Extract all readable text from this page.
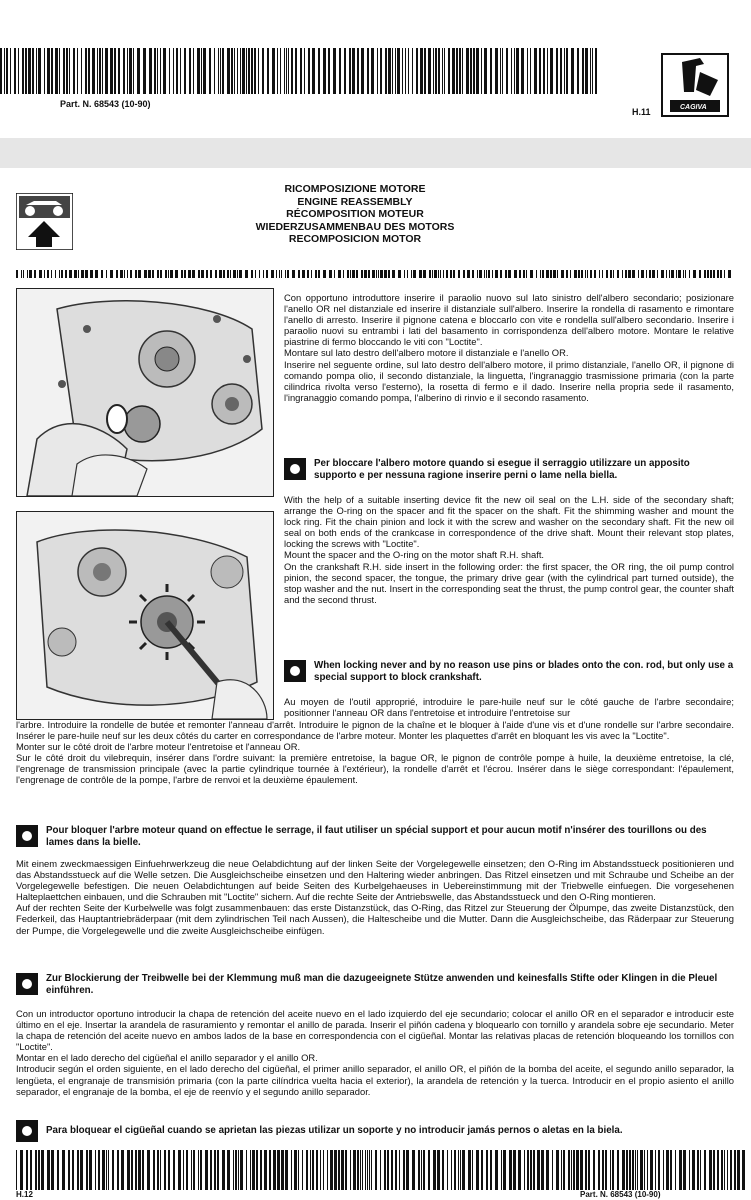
Part. N. 68543 (10-90)	CAGIVA
H.11
RICOMPOSIZIONE MOTORE
ENGINE REASSEMBLY
RÉCOMPOSITION MOTEUR
WIEDERZUSAMMENBAU DES MOTORS
RECOMPOSICION MOTOR
Con opportuno introduttore inserire il paraolio nuovo sul lato sinistro dell'albero secondario; posizionare l'anello OR nel distanziale ed inserire il distanziale sull'albero. Inserire la rondella di rasamento e rimontare l'anello di arresto. Inserire il pignone catena e bloccarlo con vite e rondella sull'albero secondario. Inserire i paraolio nuovi su entrambi i lati del basamento in corrispondenza dell'albero motore. Montare le relative piastrine di fermo bloccando le viti con "Loctite".
Montare sul lato destro dell'albero motore il distanziale e l'anello OR.
Inserire nel seguente ordine, sul lato destro dell'albero motore, il primo distanziale, l'anello OR, il pignone di comando pompa olio, il secondo distanziale, la linguetta, l'ingranaggio trasmissione primaria (con la parte cilindrica rivolta verso l'esterno), la rosetta di fermo e il dado. Inserire nella propria sede il rasamento, l'ingranaggio comando pompa, l'alberino di rinvio e il secondo rasamento.
Per bloccare l'albero motore quando si esegue il serraggio utilizzare un apposito supporto e per nessuna ragione inserire perni o lame nella biella.
With the help of a suitable inserting device fit the new oil seal on the L.H. side of the secondary shaft; arrange the O-ring on the spacer and fit the spacer on the shaft. Fit the shimming washer and mount the lock ring. Fit the chain pinion and lock it with the screw and washer on the secondary shaft. Fit the new oil seal on both ends of the crankcase in correspondence of the drive shaft. Mount their relevant stop plates, locking the screws with "Loctite".
Mount the spacer and the O-ring on the motor shaft R.H. shaft.
On the crankshaft R.H. side insert in the following order: the first spacer, the OR ring, the oil pump control pinion, the second spacer, the tongue, the primary drive gear (with the cylindrical part turned outside), the stop washer and the nut. Insert in the corresponding seat the thrust, the pump control gear, the counter shaft and the second thrust.
When locking never and by no reason use pins or blades onto the con. rod, but only use a special support to block crankshaft.
Au moyen de l'outil approprié, introduire le pare-huile neuf sur le côté gauche de l'arbre secondaire; positionner l'anneau OR dans l'entretoise et introduire l'entretoise sur
l'arbre. Introduire la rondelle de butée et remonter l'anneau d'arrêt. Introduire le pignon de la chaîne et le bloquer à l'aide d'une vis et d'une rondelle sur l'arbre secondaire. Insérer le pare-huile neuf sur les deux côtés du carter en correspondance de l'arbre moteur. Monter les plaquettes d'arrêt en bloquant les vis avec la "Loctite".
Monter sur le côté droit de l'arbre moteur l'entretoise et l'anneau OR.
Sur le côté droit du vilebrequin, insérer dans l'ordre suivant: la première entretoise, la bague OR, le pignon de contrôle pompe à huile, la deuxième entretoise, la clé, l'engrenage de transmission principale (avec la partie cylindrique tournée à l'extérieur), la rondelle d'arrêt et l'écrou. Insérer dans le siège correspondant: l'épaulement, l'engrenage de contrôle de la pompe, l'arbre de renvoi et la deuxième épaulement.
Pour bloquer l'arbre moteur quand on effectue le serrage, il faut utiliser un spécial support et pour aucun motif n'insérer des tourillons ou des lames dans la bielle.
Mit einem zweckmaessigen Einfuehrwerkzeug die neue Oelabdichtung auf der linken Seite der Vorgelegewelle einsetzen; den O-Ring im Abstandsstueck positionieren und das Abstandsstueck auf die Welle setzen. Die Ausgleichscheibe einsetzen und den Haltering wieder anbringen. Das Ritzel einsetzen und mit Schraube und Scheibe an der Vorgelegewelle befestigen. Die neuen Oelabdichtungen auf beide Seiten des Kurbelgehaeuses in Uebereinstimmung mit der Triebwelle einfuegen. Die vorgesehenen Halteplaettchen einbauen, und die Schrauben mit "Loctite" sichern. Auf die rechte Seite der Antriebswelle, das Abstandsstueck und den O-Ring montieren.
Auf der rechten Seite der Kurbelwelle was folgt zusammenbauen: das erste Distanzstück, das O-Ring, das Ritzel zur Steuerung der Ölpumpe, das zweite Distanzstück, den Federkeil, das Hauptantriebräderpaar (mit dem zylindrischen Teil nach Aussen), die Haltescheibe und die Mutter. Dann die Ausgleichscheibe, das Räderpaar zur Steuerung der Pumpe, die Vorgelegewelle und die zweite Ausgleichscheibe einfügen.
Zur Blockierung der Treibwelle bei der Klemmung muß man die dazugeeignete Stütze anwenden und keinesfalls Stifte oder Klingen in die Pleuel einführen.
Con un introductor oportuno introducir la chapa de retención del aceite nuevo en el lado izquierdo del eje secundario; colocar el anillo OR en el separador e introducir este último en el eje. Insertar la arandela de rasuramiento y remontar el anillo de parada. Inserir el piñón cadena y bloquearlo con tornillo y arandela sobre eje secundario. Meter la chapa de retención del aceite nuevo en ambos lados de la base en correspondencia con el cigüeñal. Montar las relativas placas de retención bloqueando los tornillos con "Loctite".
Montar en el lado derecho del cigüeñal el anillo separador y el anillo OR.
Introducir según el orden siguiente, en el lado derecho del cigüeñal, el primer anillo separador, el anillo OR, el piñón de la bomba del aceite, el segundo anillo separador, la lengüeta, el engranaje de transmisión primaria (con la parte cilíndrica vuelta hacia el exterior), la arandela de retención y la tuerca. Introducir en el propio asiento el anillo separador, el engranaje de la bomba, el eje de reenvío y el segundo anillo separador.
Para bloquear el cigüeñal cuando se aprietan las piezas utilizar un soporte y no introducir jamás pernos o aletas en la biela.
H.12	Part. N. 68543 (10-90)
